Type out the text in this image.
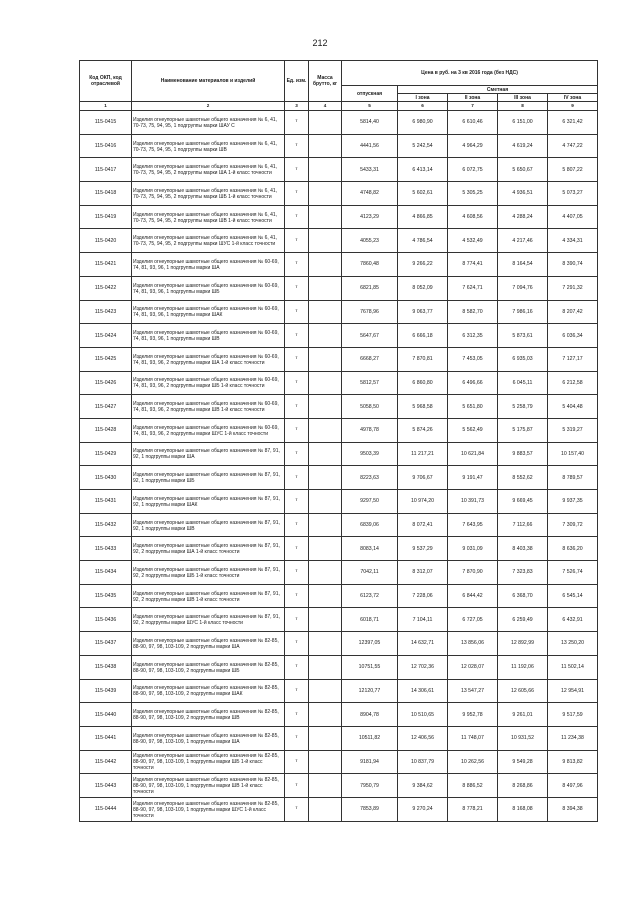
212
Код ОКП, код отраслевой	Наименование материалов и изделий	Ед. изм.	Масса брутто, кг	Цена в руб. на 3 кв 2016 года (без НДС)				
				отпускная	Сметная			
					I зона	II зона	III зона	IV зона
1	2	3	4	5	6	7	8	9
115-0415	Изделия огнеупорные шамотные общего назначения № 6, 41, 70-73, 75, 94, 95, 1 подгруппы марки ШАУ С	т		5814,40	6 980,90	6 610,46	6 151,00	6 321,42
115-0416	Изделия огнеупорные шамотные общего назначения № 6, 41, 70-73, 75, 94, 95, 1 подгруппы марки ШВ	т		4441,56	5 242,54	4 964,29	4 619,24	4 747,22
115-0417	Изделия огнеупорные шамотные общего назначения № 6, 41, 70-73, 75, 94, 95, 2 подгруппы марки ША 1-й класс точности	т		5433,31	6 413,14	6 072,75	5 650,67	5 807,22
115-0418	Изделия огнеупорные шамотные общего назначения № 6, 41, 70-73, 75, 94, 95, 2 подгруппы марки ШБ 1-й класс точности	т		4748,82	5 602,61	5 305,25	4 936,51	5 073,27
115-0419	Изделия огнеупорные шамотные общего назначения № 6, 41, 70-73, 75, 94, 95, 2 подгруппы марки ШВ 1-й класс точности	т		4123,29	4 866,85	4 608,56	4 288,24	4 407,05
115-0420	Изделия огнеупорные шамотные общего назначения № 6, 41, 70-73, 75, 94, 95, 2 подгруппы марки ШУС 1-й класс точности	т		4055,23	4 786,54	4 532,49	4 217,46	4 334,31
115-0421	Изделия огнеупорные шамотные общего назначения № 60-69, 74, 81, 93, 96, 1 подгруппы марки ША	т		7860,48	9 266,22	8 774,41	8 164,54	8 390,74
115-0422	Изделия огнеупорные шамотные общего назначения № 60-69, 74, 81, 93, 96, 1 подгруппы марки ШБ	т		6821,85	8 052,09	7 624,71	7 094,76	7 291,32
115-0423	Изделия огнеупорные шамотные общего назначения № 60-69, 74, 81, 93, 96, 1 подгруппы марки ШАК	т		7678,96	9 063,77	8 582,70	7 986,16	8 207,42
115-0424	Изделия огнеупорные шамотные общего назначения № 60-69, 74, 81, 93, 96, 1 подгруппы марки ШВ	т		5647,67	6 666,18	6 312,35	5 873,61	6 036,34
115-0425	Изделия огнеупорные шамотные общего назначения № 60-69, 74, 81, 93, 96, 2 подгруппы марки ША 1-й класс точности	т		6668,27	7 870,81	7 453,05	6 935,03	7 127,17
115-0426	Изделия огнеупорные шамотные общего назначения № 60-69, 74, 81, 93, 96, 2 подгруппы марки ШБ 1-й класс точности	т		5812,57	6 860,80	6 496,66	6 045,11	6 212,58
115-0427	Изделия огнеупорные шамотные общего назначения № 60-69, 74, 81, 93, 96, 2 подгруппы марки ШВ 1-й класс точности	т		5058,50	5 968,58	5 651,80	5 258,79	5 404,48
115-0428	Изделия огнеупорные шамотные общего назначения № 60-69, 74, 81, 93, 96, 2 подгруппы марки ШУС 1-й класс точности	т		4978,78	5 874,26	5 562,49	5 175,87	5 319,27
115-0429	Изделия огнеупорные шамотные общего назначения № 87, 91, 92, 1 подгруппы марки ША	т		9503,39	11 217,21	10 621,84	9 883,57	10 157,40
115-0430	Изделия огнеупорные шамотные общего назначения № 87, 91, 92, 1 подгруппы марки ШБ	т		8223,63	9 706,67	9 191,47	8 552,62	8 789,57
115-0431	Изделия огнеупорные шамотные общего назначения № 87, 91, 92, 1 подгруппы марки ШАК	т		9297,50	10 974,20	10 391,73	9 669,45	9 937,35
115-0432	Изделия огнеупорные шамотные общего назначения № 87, 91, 92, 1 подгруппы марки ШВ	т		6839,06	8 072,41	7 643,95	7 112,66	7 309,72
115-0433	Изделия огнеупорные шамотные общего назначения № 87, 91, 92, 2 подгруппы марки ША 1-й класс точности	т		8083,14	9 537,29	9 031,09	8 403,38	8 636,20
115-0434	Изделия огнеупорные шамотные общего назначения № 87, 91, 92, 2 подгруппы марки ШБ 1-й класс точности	т		7042,11	8 312,07	7 870,90	7 323,83	7 526,74
115-0435	Изделия огнеупорные шамотные общего назначения № 87, 91, 92, 2 подгруппы марки ШВ 1-й класс точности	т		6123,72	7 228,06	6 844,42	6 368,70	6 545,14
115-0436	Изделия огнеупорные шамотные общего назначения № 87, 91, 92, 2 подгруппы марки ШУС 1-й класс точности	т		6018,71	7 104,11	6 727,05	6 259,49	6 432,91
115-0437	Изделия огнеупорные шамотные общего назначения № 82-85, 88-90, 97, 98, 103-109, 2 подгруппы марки ША	т		12397,05	14 632,71	13 856,06	12 892,99	13 250,20
115-0438	Изделия огнеупорные шамотные общего назначения № 82-85, 88-90, 97, 98, 103-109, 2 подгруппы марки ШБ	т		10751,55	12 702,36	12 028,07	11 192,06	11 502,14
115-0439	Изделия огнеупорные шамотные общего назначения № 82-85, 88-90, 97, 98, 103-109, 2 подгруппы марки ШАК	т		12120,77	14 306,61	13 547,27	12 605,66	12 954,91
115-0440	Изделия огнеупорные шамотные общего назначения № 82-85, 88-90, 97, 98, 103-109, 2 подгруппы марки ШВ	т		8904,78	10 510,65	9 952,78	9 261,01	9 517,59
115-0441	Изделия огнеупорные шамотные общего назначения № 82-85, 88-90, 97, 98, 103-109, 1 подгруппы марки ША	т		10511,82	12 406,56	11 748,07	10 931,52	11 234,38
115-0442	Изделия огнеупорные шамотные общего назначения № 82-85, 88-90, 97, 98, 103-109, 1 подгруппы марки ШБ 1-й класс точности	т		9181,94	10 837,79	10 262,56	9 549,28	9 813,82
115-0443	Изделия огнеупорные шамотные общего назначения № 82-85, 88-90, 97, 98, 103-109, 1 подгруппы марки ШВ 1-й класс точности	т		7950,79	9 384,62	8 886,52	8 268,86	8 497,96
115-0444	Изделия огнеупорные шамотные общего назначения № 82-85, 88-90, 97, 98, 103-109, 1 подгруппы марки ШУС 1-й класс точности	т		7853,89	9 270,24	8 778,21	8 168,08	8 394,38
